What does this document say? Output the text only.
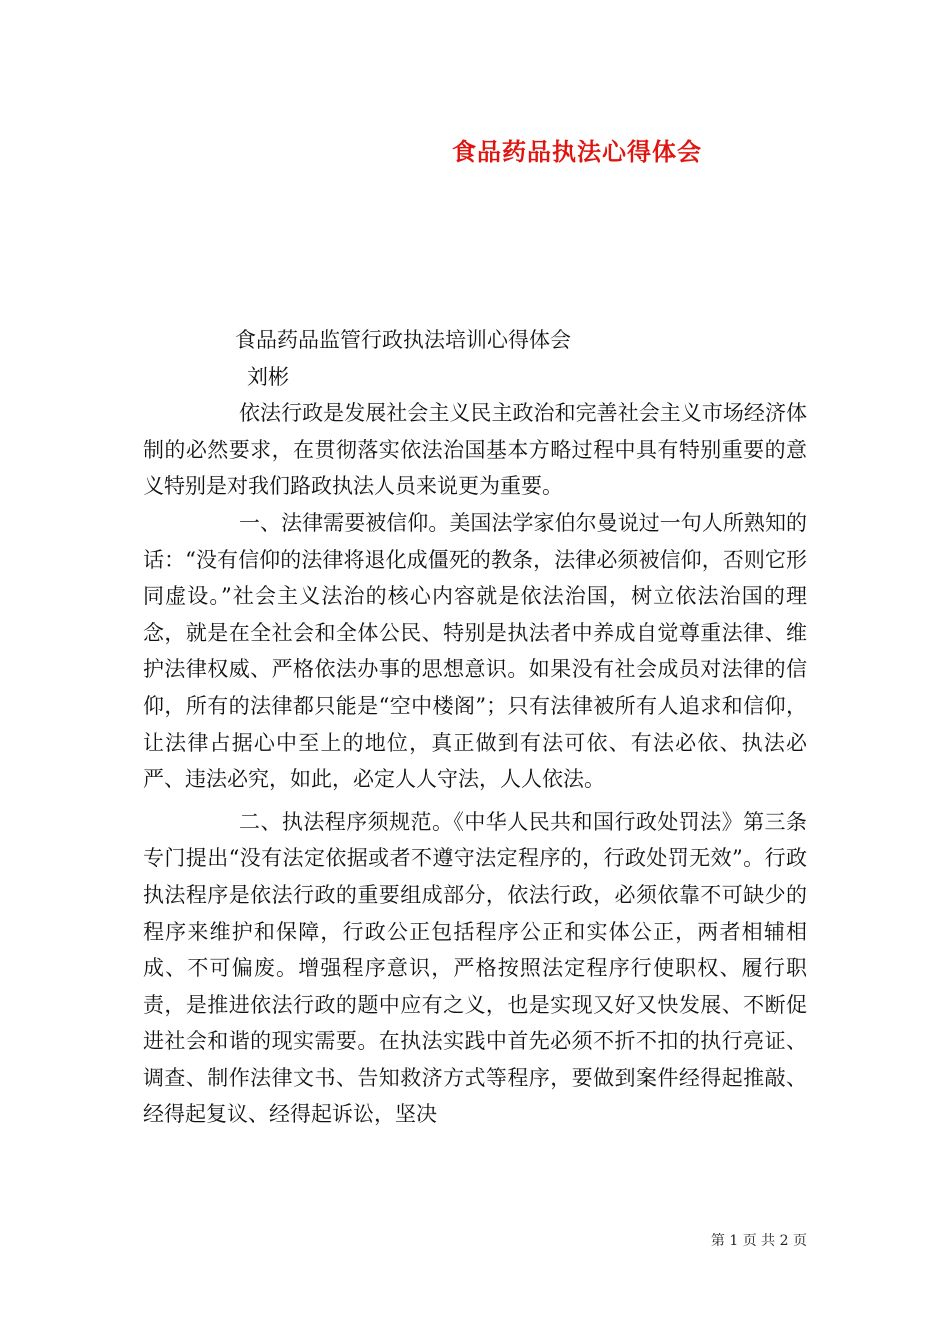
食品药品执法心得体会

食品药品监管行政执法培训心得体会

刘彬

依法行政是发展社会主义民主政治和完善社会主义市场经济体制的必然要求，在贯彻落实依法治国基本方略过程中具有特别重要的意义特别是对我们路政执法人员来说更为重要。

一、法律需要被信仰。美国法学家伯尔曼说过一句人所熟知的话：“没有信仰的法律将退化成僵死的教条，法律必须被信仰，否则它形同虚设。”社会主义法治的核心内容就是依法治国，树立依法治国的理念，就是在全社会和全体公民、特别是执法者中养成自觉尊重法律、维护法律权威、严格依法办事的思想意识。如果没有社会成员对法律的信仰，所有的法律都只能是“空中楼阁”；只有法律被所有人追求和信仰，让法律占据心中至上的地位，真正做到有法可依、有法必依、执法必严、违法必究，如此，必定人人守法，人人依法。

二、执法程序须规范。《中华人民共和国行政处罚法》第三条专门提出“没有法定依据或者不遵守法定程序的，行政处罚无效”。行政执法程序是依法行政的重要组成部分，依法行政，必须依靠不可缺少的程序来维护和保障，行政公正包括程序公正和实体公正，两者相辅相成、不可偏废。增强程序意识，严格按照法定程序行使职权、履行职责，是推进依法行政的题中应有之义，也是实现又好又快发展、不断促进社会和谐的现实需要。在执法实践中首先必须不折不扣的执行亮证、调查、制作法律文书、告知救济方式等程序，要做到案件经得起推敲、经得起复议、经得起诉讼，坚决

第 1 页 共 2 页
